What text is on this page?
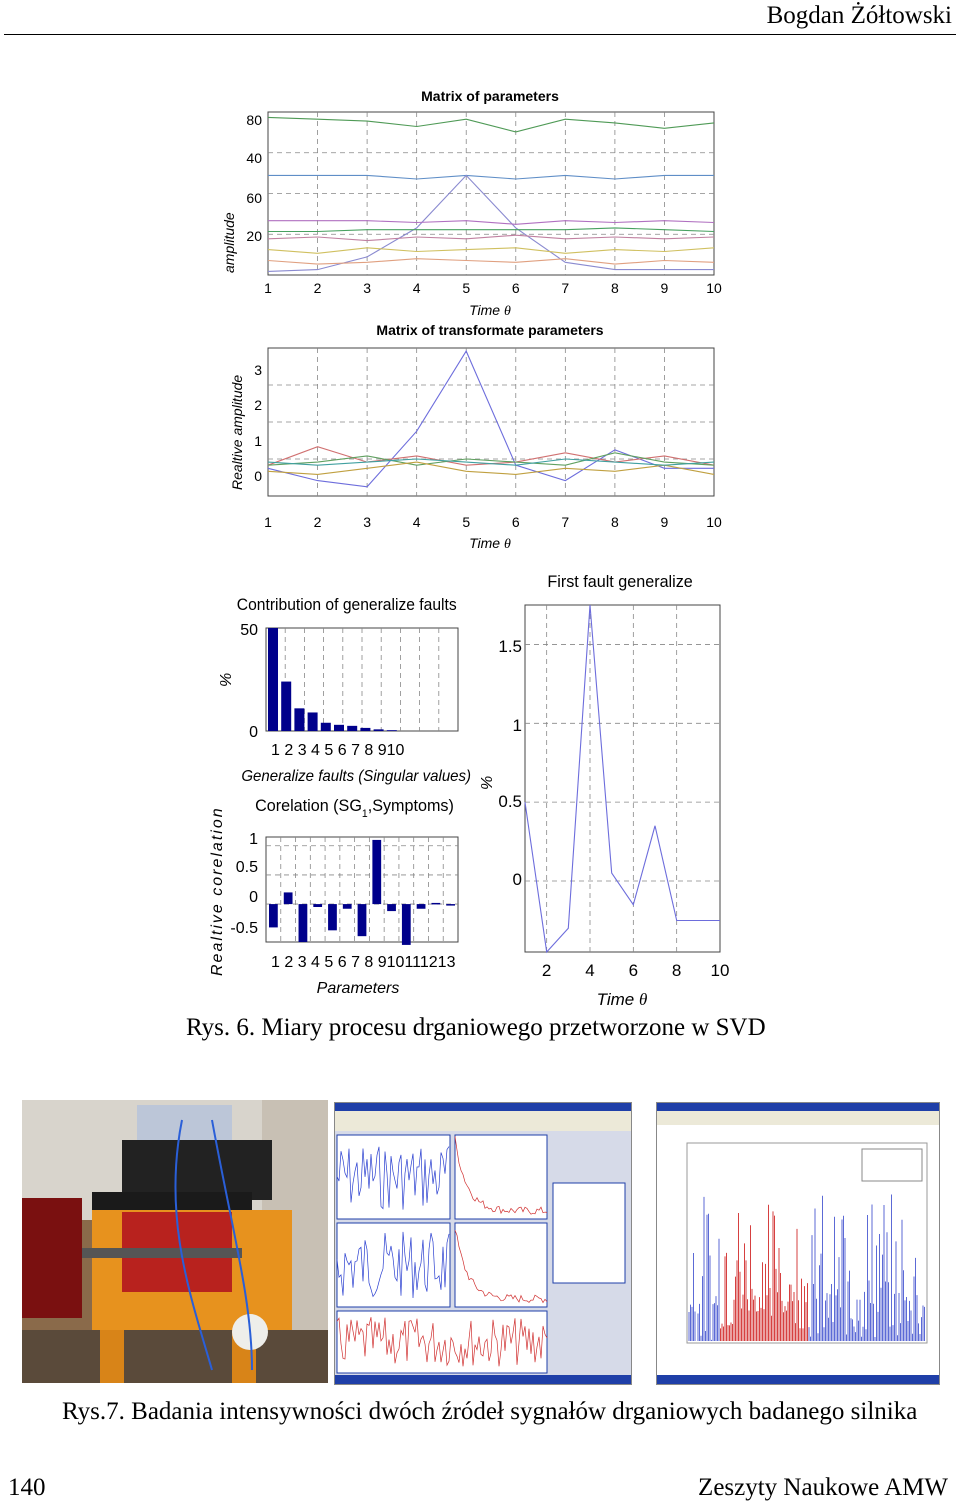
Bogdan Żółtowski
Matrix of parameters
amplitude
80
40
60
20
1	2	3	4	5	6	7	8	9	10
Time θ
Matrix of transformate parameters
Realtive amplitude
3
2
1
0
1	2	3	4	5	6	7	8	9	10
Time θ
Contribution of generalize faults
%
50
0
1 2 3 4 5 6 7 8 910
Generalize faults (Singular values)
Corelation $(SG_1,Symptoms)$
Realtive corelation 1
0.5
0
-0.5
1 2 3 4 5 6 7 8 910111213
Parameters
First fault generalize
%
1.5
1
0.5
0
2 4 6 8 10
Time θ
Rys. 6. Miary procesu drganiowego przetworzone w SVD
Rys.7. Badania intensywności dwóch źródeł sygnałów drganiowych badanego silnika
140	Zeszyty Naukowe AMW
